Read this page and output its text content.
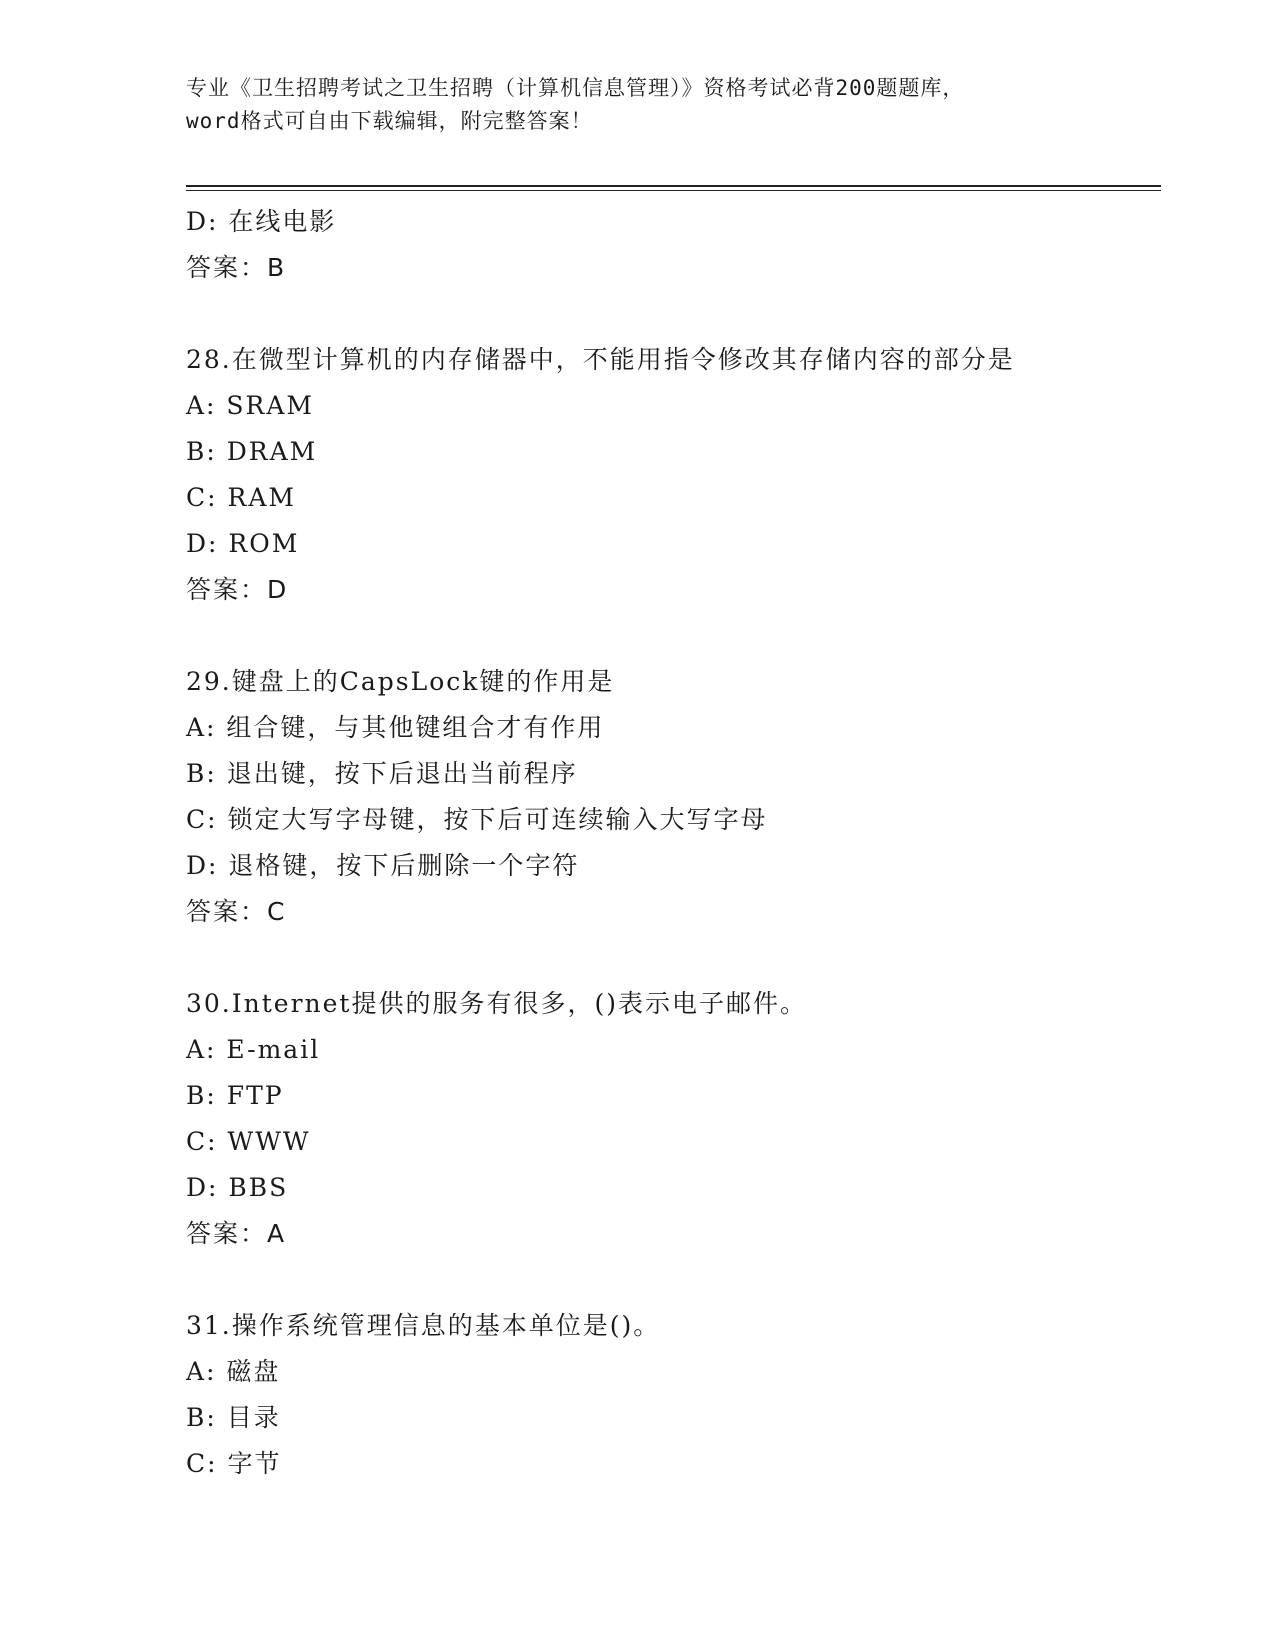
专业《卫生招聘考试之卫生招聘（计算机信息管理）》资格考试必背200题题库，
word格式可自由下载编辑，附完整答案！

D: 在线电影
答案：B
28.在微型计算机的内存储器中，不能用指令修改其存储内容的部分是
A: SRAM
B: DRAM
C: RAM
D: ROM
答案：D
29.键盘上的CapsLock键的作用是
A: 组合键，与其他键组合才有作用
B: 退出键，按下后退出当前程序
C: 锁定大写字母键，按下后可连续输入大写字母
D: 退格键，按下后删除一个字符
答案：C
30.Internet提供的服务有很多，()表示电子邮件。
A: E-mail
B: FTP
C: WWW
D: BBS
答案：A
31.操作系统管理信息的基本单位是()。
A: 磁盘
B: 目录
C: 字节
